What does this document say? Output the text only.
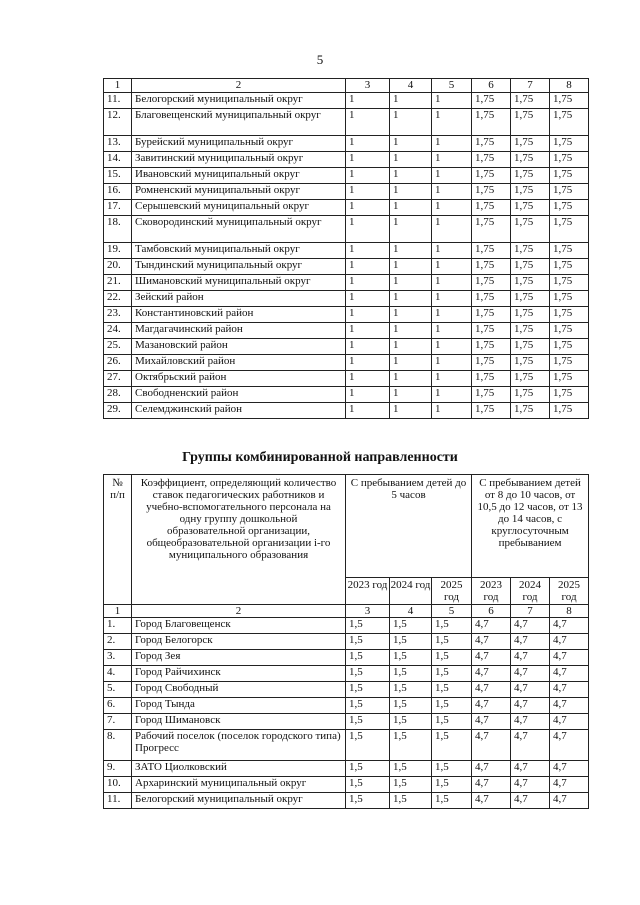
5
1	2	3	4	5	6	7	8
11.	Белогорский муниципальный округ	1	1	1	1,75	1,75	1,75
12.	Благовещенский муниципальный округ	1	1	1	1,75	1,75	1,75
13.	Бурейский муниципальный округ	1	1	1	1,75	1,75	1,75
14.	Завитинский муниципальный округ	1	1	1	1,75	1,75	1,75
15.	Ивановский муниципальный округ	1	1	1	1,75	1,75	1,75
16.	Ромненский муниципальный округ	1	1	1	1,75	1,75	1,75
17.	Серышевский муниципальный округ	1	1	1	1,75	1,75	1,75
18.	Сковородинский муниципальный округ	1	1	1	1,75	1,75	1,75
19.	Тамбовский муниципальный округ	1	1	1	1,75	1,75	1,75
20.	Тындинский муниципальный округ	1	1	1	1,75	1,75	1,75
21.	Шимановский муниципальный округ	1	1	1	1,75	1,75	1,75
22.	Зейский район	1	1	1	1,75	1,75	1,75
23.	Константиновский район	1	1	1	1,75	1,75	1,75
24.	Магдагачинский район	1	1	1	1,75	1,75	1,75
25.	Мазановский район	1	1	1	1,75	1,75	1,75
26.	Михайловский район	1	1	1	1,75	1,75	1,75
27.	Октябрьский район	1	1	1	1,75	1,75	1,75
28.	Свободненский район	1	1	1	1,75	1,75	1,75
29.	Селемджинский район	1	1	1	1,75	1,75	1,75
Группы комбинированной направленности
№ п/п	Коэффициент, определяющий количество ставок педагогических работников и учебно-вспомогательного персонала на одну группу дошкольной образовательной организации, общеобразовательной организации i-го муниципального образования	С пребыванием детей до 5 часов			С пребыванием детей от 8 до 10 часов, от 10,5 до 12 часов, от 13 до 14 часов, с круглосуточным пребыванием		
		2023 год	2024 год	2025 год	2023 год	2024 год	2025 год
1	2	3	4	5	6	7	8
1.	Город Благовещенск	1,5	1,5	1,5	4,7	4,7	4,7
2.	Город Белогорск	1,5	1,5	1,5	4,7	4,7	4,7
3.	Город Зея	1,5	1,5	1,5	4,7	4,7	4,7
4.	Город Райчихинск	1,5	1,5	1,5	4,7	4,7	4,7
5.	Город Свободный	1,5	1,5	1,5	4,7	4,7	4,7
6.	Город Тында	1,5	1,5	1,5	4,7	4,7	4,7
7.	Город Шимановск	1,5	1,5	1,5	4,7	4,7	4,7
8.	Рабочий поселок (поселок городского типа) Прогресс	1,5	1,5	1,5	4,7	4,7	4,7
9.	ЗАТО Циолковский	1,5	1,5	1,5	4,7	4,7	4,7
10.	Архаринский муниципальный округ	1,5	1,5	1,5	4,7	4,7	4,7
11.	Белогорский муниципальный округ	1,5	1,5	1,5	4,7	4,7	4,7
